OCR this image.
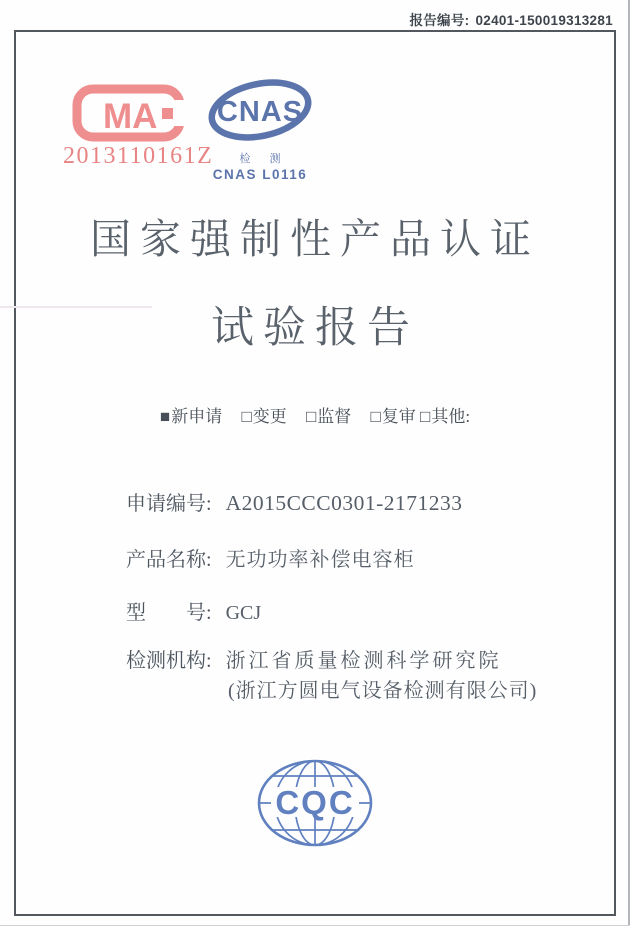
报告编号: 02401-150019313281
MA
2013110161Z
CNAS
检 测
CNAS L0116
国家强制性产品认证
试验报告
■新申请 □变更 □监督 □复审 □其他:
申请编号: A2015CCC0301-2171233
产品名称: 无功功率补偿电容柜
型　　号: GCJ
检测机构: 浙江省质量检测科学研究院
(浙江方圆电气设备检测有限公司)
CQC
